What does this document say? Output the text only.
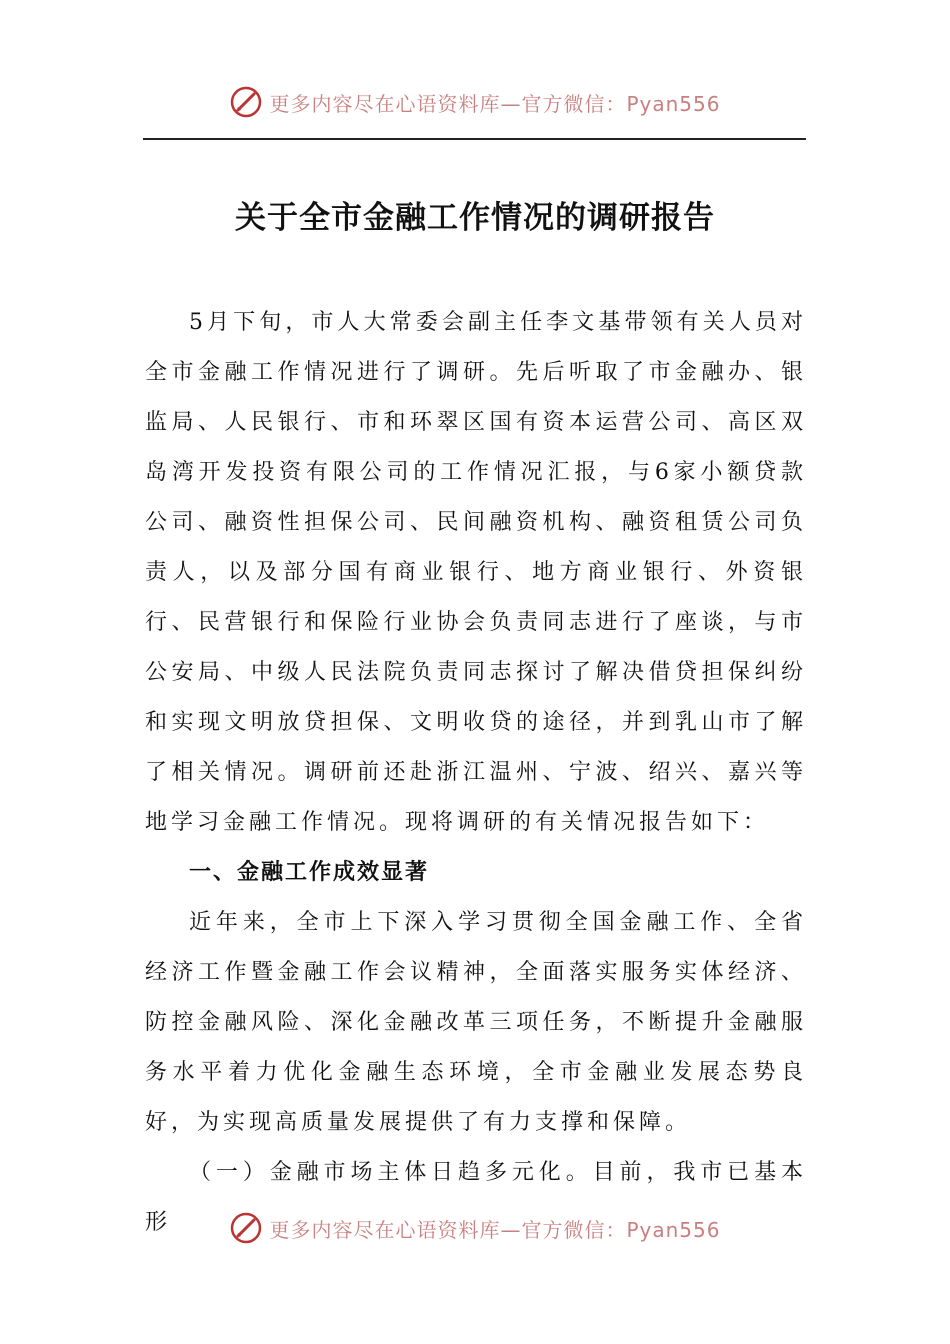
更多内容尽在心语资料库—官方微信：Pyan556
关于全市金融工作情况的调研报告

5月下旬，市人大常委会副主任李文基带领有关人员对全市金融工作情况进行了调研。先后听取了市金融办、银监局、人民银行、市和环翠区国有资本运营公司、高区双岛湾开发投资有限公司的工作情况汇报，与6家小额贷款公司、融资性担保公司、民间融资机构、融资租赁公司负责人，以及部分国有商业银行、地方商业银行、外资银行、民营银行和保险行业协会负责同志进行了座谈，与市公安局、中级人民法院负责同志探讨了解决借贷担保纠纷和实现文明放贷担保、文明收贷的途径，并到乳山市了解了相关情况。调研前还赴浙江温州、宁波、绍兴、嘉兴等地学习金融工作情况。现将调研的有关情况报告如下：

一、金融工作成效显著

近年来，全市上下深入学习贯彻全国金融工作、全省经济工作暨金融工作会议精神，全面落实服务实体经济、防控金融风险、深化金融改革三项任务，不断提升金融服务水平着力优化金融生态环境，全市金融业发展态势良好，为实现高质量发展提供了有力支撑和保障。

（一）金融市场主体日趋多元化。目前，我市已基本形	更多内容尽在心语资料库—官方微信：Pyan556
